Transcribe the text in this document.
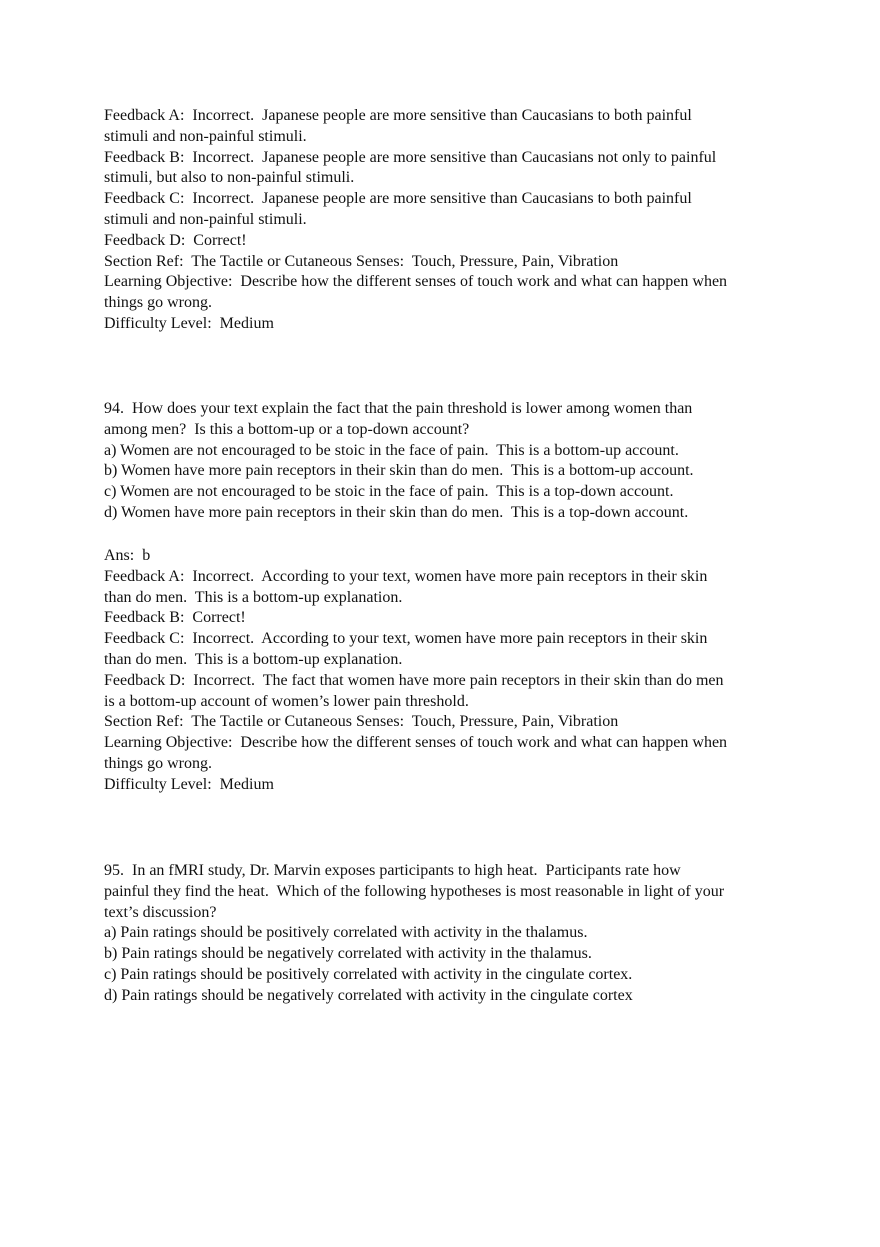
Feedback A:  Incorrect.  Japanese people are more sensitive than Caucasians to both painful
stimuli and non-painful stimuli.
Feedback B:  Incorrect.  Japanese people are more sensitive than Caucasians not only to painful
stimuli, but also to non-painful stimuli.
Feedback C:  Incorrect.  Japanese people are more sensitive than Caucasians to both painful
stimuli and non-painful stimuli.
Feedback D:  Correct!
Section Ref:  The Tactile or Cutaneous Senses:  Touch, Pressure, Pain, Vibration
Learning Objective:  Describe how the different senses of touch work and what can happen when
things go wrong.
Difficulty Level:  Medium
94.  How does your text explain the fact that the pain threshold is lower among women than
among men?  Is this a bottom-up or a top-down account?
a) Women are not encouraged to be stoic in the face of pain.  This is a bottom-up account.
b) Women have more pain receptors in their skin than do men.  This is a bottom-up account.
c) Women are not encouraged to be stoic in the face of pain.  This is a top-down account.
d) Women have more pain receptors in their skin than do men.  This is a top-down account.
Ans:  b
Feedback A:  Incorrect.  According to your text, women have more pain receptors in their skin
than do men.  This is a bottom-up explanation.
Feedback B:  Correct!
Feedback C:  Incorrect.  According to your text, women have more pain receptors in their skin
than do men.  This is a bottom-up explanation.
Feedback D:  Incorrect.  The fact that women have more pain receptors in their skin than do men
is a bottom-up account of women’s lower pain threshold.
Section Ref:  The Tactile or Cutaneous Senses:  Touch, Pressure, Pain, Vibration
Learning Objective:  Describe how the different senses of touch work and what can happen when
things go wrong.
Difficulty Level:  Medium
95.  In an fMRI study, Dr. Marvin exposes participants to high heat.  Participants rate how
painful they find the heat.  Which of the following hypotheses is most reasonable in light of your
text’s discussion?
a) Pain ratings should be positively correlated with activity in the thalamus.
b) Pain ratings should be negatively correlated with activity in the thalamus.
c) Pain ratings should be positively correlated with activity in the cingulate cortex.
d) Pain ratings should be negatively correlated with activity in the cingulate cortex
